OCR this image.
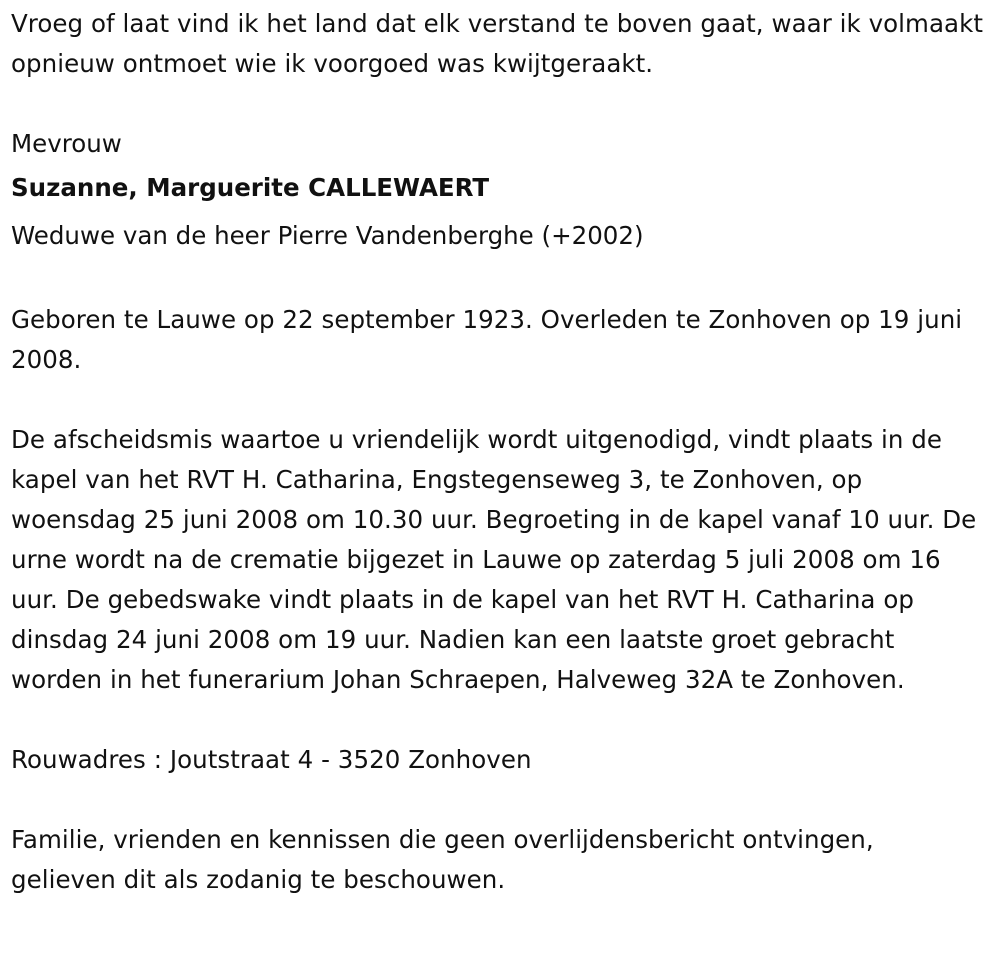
Vroeg of laat vind ik het land dat elk verstand te boven gaat, waar ik volmaakt opnieuw ontmoet wie ik voorgoed was kwijtgeraakt.

Mevrouw

Suzanne, Marguerite CALLEWAERT

Weduwe van de heer Pierre Vandenberghe (+2002)

Geboren te Lauwe op 22 september 1923. Overleden te Zonhoven op 19 juni 2008.

De afscheidsmis waartoe u vriendelijk wordt uitgenodigd, vindt plaats in de kapel van het RVT H. Catharina, Engstegenseweg 3, te Zonhoven, op woensdag 25 juni 2008 om 10.30 uur. Begroeting in de kapel vanaf 10 uur. De urne wordt na de crematie bijgezet in Lauwe op zaterdag 5 juli 2008 om 16 uur. De gebedswake vindt plaats in de kapel van het RVT H. Catharina op dinsdag 24 juni 2008 om 19 uur. Nadien kan een laatste groet gebracht worden in het funerarium Johan Schraepen, Halveweg 32A te Zonhoven.

Rouwadres : Joutstraat 4 - 3520 Zonhoven

Familie, vrienden en kennissen die geen overlijdensbericht ontvingen, gelieven dit als zodanig te beschouwen.
